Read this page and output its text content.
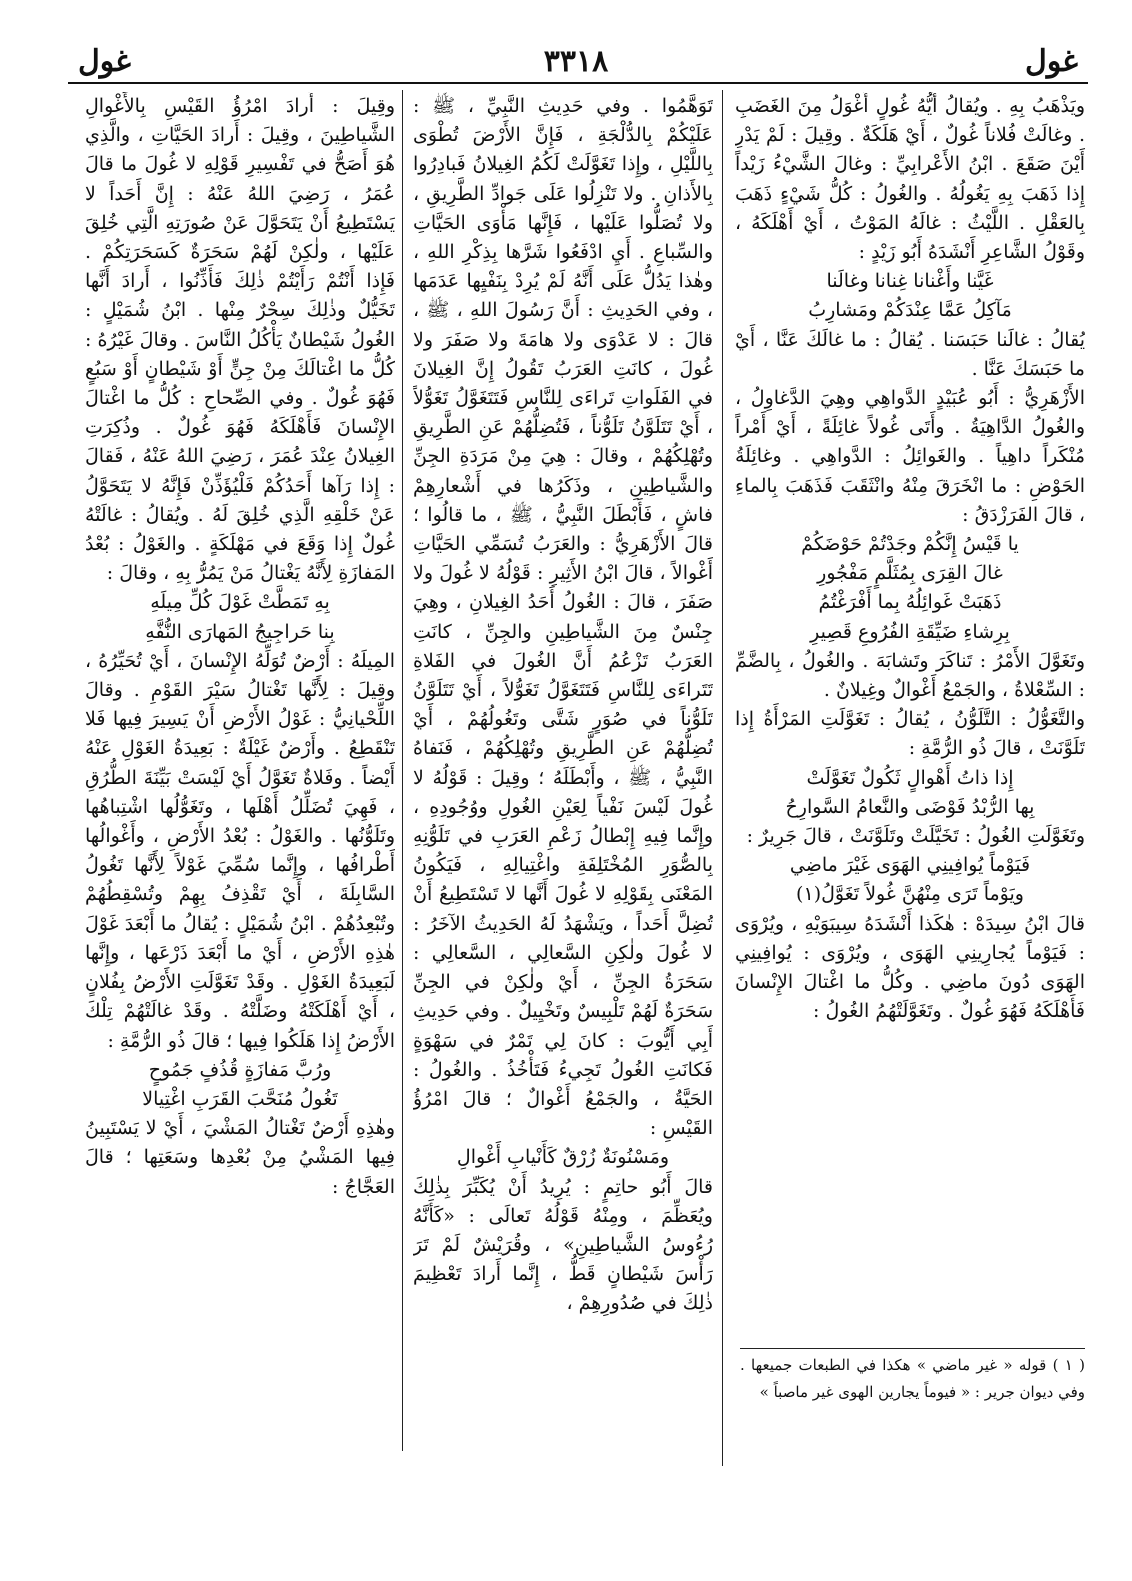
غول	٣٣١٨	غول

ويَذْهَبُ بِهِ . ويُقالُ أَيُّهُ غُولٍ أَغْوَلُ مِنَ الغَضَبِ . وغالَتْ فُلاناً غُولٌ ، أَيْ هَلَكَةٌ . وقِيلَ : لَمْ يَدْرِ أَيْنَ صَقَعَ . ابْنُ الأَعْرابِيِّ : وغالَ الشَّيْءُ زَيْداً إِذا ذَهَبَ بِهِ يَغُولُهُ . والغُولُ : كُلُّ شَيْءٍ ذَهَبَ بِالعَقْلِ . اللَّيْثُ : غالَهُ المَوْتُ ، أَيْ أَهْلَكَهُ ، وقَوْلُ الشَّاعِرِ أَنْشَدَهُ أَبُو زَيْدٍ :

غَيَّنا وأَغْنانا غِنانا وغالَنا

مَآكِلُ عَمَّا عِنْدَكُمْ ومَشارِبُ

يُقالُ : غالَنا حَبَسَنا . يُقالُ : ما غالَكَ عَنَّا ، أَيْ ما حَبَسَكَ عَنَّا .

الأَزْهَرِيُّ : أَبُو عُبَيْدٍ الدَّواهِي وهِيَ الدَّغاوِلُ ، والغُولُ الدَّاهِيَةُ . وأَتَى غُولاً غائِلَةً ، أَيْ أَمْراً مُنْكَراً داهِياً . والغَوائِلُ : الدَّواهِي . وغائِلَةُ الحَوْضِ : ما انْخَرَقَ مِنْهُ وانْثَقَبَ فَذَهَبَ بِالماءِ ، قالَ الفَرَزْدَقُ :

يا قَيْسُ إِنَّكُمْ وجَدْتُمْ حَوْضَكُمْ

غالَ القِرَى بِمُثَلَّمٍ مَفْجُورِ

ذَهَبَتْ غَوائِلُهُ بِما أَفْرَغْتُمُ

بِرِشاءِ ضَيِّقَةِ الفُرُوعِ قَصِيرِ

وتَغَوَّلَ الأَمْرُ : تَناكَرَ وتَشابَهَ . والغُولُ ، بِالضَّمِّ : السِّعْلاةُ ، والجَمْعُ أَغْوالٌ وغِيلانٌ .

والتَّغَوُّلُ : التَّلَوُّنُ ، يُقالُ : تَغَوَّلَتِ المَرْأَةُ إِذا تَلَوَّنَتْ ، قالَ ذُو الرُّمَّةِ :

إِذا ذاتُ أَهْوالٍ ثَكُولٌ تَغَوَّلَتْ

بِها الرُّبْدُ فَوْضَى والنَّعامُ السَّوارِحُ

وتَغَوَّلَتِ الغُولُ : تَخَيَّلَتْ وتَلَوَّنَتْ ، قالَ جَرِيرٌ :

فَيَوْماً يُوافِينِي الهَوَى غَيْرَ ماضِي

ويَوْماً تَرَى مِنْهُنَّ غُولاً تَغَوَّلُ(١)

قالَ ابْنُ سِيدَهْ : هٰكَذا أَنْشَدَهُ سِيبَوَيْهِ ، ويُرْوَى : فَيَوْماً يُجارِينِي الهَوَى ، ويُرْوَى : يُوافِينِي الهَوَى دُونَ ماضِي . وكُلُّ ما اغْتالَ الإِنْسانَ فَأَهْلَكَهُ فَهُوَ غُولٌ . وتَغَوَّلَتْهُمُ الغُولُ :

تَوَهَّمُوا . وفي حَدِيثِ النَّبِيِّ ، ﷺ : عَلَيْكُمْ بِالدُّلْجَةِ ، فَإِنَّ الأَرْضَ تُطْوَى بِاللَّيْلِ ، وإِذا تَغَوَّلَتْ لَكُمُ الغِيلانُ فَبادِرُوا بِالأَذانِ . ولا تَنْزِلُوا عَلَى جَوادِّ الطَّرِيقِ ، ولا تُصَلُّوا عَلَيْها ، فَإِنَّها مَأْوَى الحَيَّاتِ والسِّباعِ . أَيِ ادْفَعُوا شَرَّها بِذِكْرِ اللهِ ، وهٰذا يَدُلُّ عَلَى أَنَّهُ لَمْ يُرِدْ بِنَفْيِها عَدَمَها ، وفي الحَدِيثِ : أَنَّ رَسُولَ اللهِ ، ﷺ ، قالَ : لا عَدْوَى ولا هامَةَ ولا صَفَرَ ولا غُولَ ، كانَتِ العَرَبُ تَقُولُ إِنَّ الغِيلانَ في الفَلَواتِ تَراءَى لِلنَّاسِ فَتَتَغَوَّلُ تَغَوُّلاً ، أَيْ تَتَلَوَّنُ تَلَوُّناً ، فَتُضِلُّهُمْ عَنِ الطَّرِيقِ وتُهْلِكُهُمْ ، وقالَ : هِيَ مِنْ مَرَدَةِ الجِنِّ والشَّياطِينِ ، وذَكَرُها في أَشْعارِهِمْ فاشٍ ، فَأَبْطَلَ النَّبِيُّ ، ﷺ ، ما قالُوا ؛ قالَ الأَزْهَرِيُّ : والعَرَبُ تُسَمِّي الحَيَّاتِ أَغْوالاً ، قالَ ابْنُ الأَثِيرِ : قَوْلُهُ لا غُولَ ولا صَفَرَ ، قالَ : الغُولُ أَحَدُ الغِيلانِ ، وهِيَ جِنْسٌ مِنَ الشَّياطِينِ والجِنِّ ، كانَتِ العَرَبُ تَزْعُمُ أَنَّ الغُولَ في الفَلاةِ تَتَراءَى لِلنَّاسِ فَتَتَغَوَّلُ تَغَوُّلاً ، أَيْ تَتَلَوَّنُ تَلَوُّناً في صُوَرٍ شَتَّى وتَغُولُهُمْ ، أَيْ تُضِلُّهُمْ عَنِ الطَّرِيقِ وتُهْلِكُهُمْ ، فَنَفاهُ النَّبِيُّ ، ﷺ ، وأَبْطَلَهُ ؛ وقِيلَ : قَوْلُهُ لا غُولَ لَيْسَ نَفْياً لِعَيْنِ الغُولِ ووُجُودِهِ ، وإِنَّما فِيهِ إِبْطالُ زَعْمِ العَرَبِ في تَلَوُّنِهِ بِالصُّوَرِ المُخْتَلِفَةِ واغْتِيالِهِ ، فَيَكُونُ المَعْنَى بِقَوْلِهِ لا غُولَ أَنَّها لا تَسْتَطِيعُ أَنْ تُضِلَّ أَحَداً ، ويَشْهَدُ لَهُ الحَدِيثُ الآخَرُ : لا غُولَ ولٰكِنِ السَّعالِي ، السَّعالِي : سَحَرَةُ الجِنِّ ، أَيْ ولٰكِنْ في الجِنِّ سَحَرَةٌ لَهُمْ تَلْبِيسٌ وتَخْيِيلٌ . وفي حَدِيثِ أَبِي أَيُّوبَ : كانَ لِي تَمْرٌ في سَهْوَةٍ فَكانَتِ الغُولُ تَجِيءُ فَتَأْخُذُ . والغُولُ : الحَيَّةُ ، والجَمْعُ أَغْوالٌ ؛ قالَ امْرُؤُ القَيْسِ :

ومَسْنُونَةٌ زُرْقٌ كَأَنْيابِ أَغْوالِ

قالَ أَبُو حاتِمٍ : يُرِيدُ أَنْ يُكَبِّرَ بِذٰلِكَ ويُعَظِّمَ ، ومِنْهُ قَوْلُهُ تَعالَى : «كَأَنَّهُ رُءُوسُ الشَّياطِينِ» ، وقُرَيْشٌ لَمْ تَرَ رَأْسَ شَيْطانٍ قَطُّ ، إِنَّما أَرادَ تَعْظِيمَ ذٰلِكَ في صُدُورِهِمْ ،

وقِيلَ : أَرادَ امْرُؤُ القَيْسِ بِالأَغْوالِ الشَّياطِينَ ، وقِيلَ : أَرادَ الحَيَّاتِ ، والَّذِي هُوَ أَصَحُّ في تَفْسِيرِ قَوْلِهِ لا غُولَ ما قالَ عُمَرُ ، رَضِيَ اللهُ عَنْهُ : إِنَّ أَحَداً لا يَسْتَطِيعُ أَنْ يَتَحَوَّلَ عَنْ صُورَتِهِ الَّتِي خُلِقَ عَلَيْها ، ولٰكِنْ لَهُمْ سَحَرَةٌ كَسَحَرَتِكُمْ . فَإِذا أَنْتُمْ رَأَيْتُمْ ذٰلِكَ فَأَذِّنُوا ، أَرادَ أَنَّها تَخَيُّلٌ وذٰلِكَ سِحْرٌ مِنْها . ابْنُ شُمَيْلٍ : الغُولُ شَيْطانٌ يَأْكُلُ النَّاسَ . وقالَ غَيْرُهُ : كُلُّ ما اغْتالَكَ مِنْ جِنٍّ أَوْ شَيْطانٍ أَوْ سَبُعٍ فَهُوَ غُولٌ . وفي الصِّحاحِ : كُلُّ ما اغْتالَ الإِنْسانَ فَأَهْلَكَهُ فَهُوَ غُولٌ . وذُكِرَتِ الغِيلانُ عِنْدَ عُمَرَ ، رَضِيَ اللهُ عَنْهُ ، فَقالَ : إِذا رَآها أَحَدُكُمْ فَلْيُؤَذِّنْ فَإِنَّهُ لا يَتَحَوَّلُ عَنْ خَلْقِهِ الَّذِي خُلِقَ لَهُ . ويُقالُ : غالَتْهُ غُولٌ إِذا وَقَعَ في مَهْلَكَةٍ . والغَوْلُ : بُعْدُ المَفازَةِ لِأَنَّهُ يَغْتالُ مَنْ يَمُرُّ بِهِ ، وقالَ :

بِهِ تَمَطَّتْ غَوْلَ كُلِّ مِيلَهِ

بِنا حَراجِيجُ المَهارَى النُّفَّهِ

المِيلَهُ : أَرْضٌ تُوَلِّهُ الإِنْسانَ ، أَيْ تُحَيِّرُهُ ، وقِيلَ : لِأَنَّها تَغْتالُ سَيْرَ القَوْمِ . وقالَ اللِّحْيانِيُّ : غَوْلُ الأَرْضِ أَنْ يَسِيرَ فِيها فَلا تَنْقَطِعُ . وأَرْضٌ غَيْلَةٌ : بَعِيدَةُ الغَوْلِ عَنْهُ أَيْضاً . وفَلاةٌ تَغَوَّلُ أَيْ لَيْسَتْ بَيِّنَةَ الطُّرُقِ ، فَهِيَ تُضَلِّلُ أَهْلَها ، وتَغَوُّلُها اشْتِباهُها وتَلَوُّنُها . والغَوْلُ : بُعْدُ الأَرْضِ ، وأَغْوالُها أَطْرافُها ، وإِنَّما سُمِّيَ غَوْلاً لِأَنَّها تَغُولُ السَّابِلَةَ ، أَيْ تَقْذِفُ بِهِمْ وتُسْقِطُهُمْ وتُبْعِدُهُمْ . ابْنُ شُمَيْلٍ : يُقالُ ما أَبْعَدَ غَوْلَ هٰذِهِ الأَرْضِ ، أَيْ ما أَبْعَدَ ذَرْعَها ، وإِنَّها لَبَعِيدَةُ الغَوْلِ . وقَدْ تَغَوَّلَتِ الأَرْضُ بِفُلانٍ ، أَيْ أَهْلَكَتْهُ وضَلَّتْهُ . وقَدْ غالَتْهُمْ تِلْكَ الأَرْضُ إِذا هَلَكُوا فِيها ؛ قالَ ذُو الرُّمَّةِ :

ورُبَّ مَفازَةٍ قُذُفٍ جَمُوحٍ

تَغُولُ مُنَحَّبَ القَرَبِ اغْتِيالا

وهٰذِهِ أَرْضٌ تَغْتالُ المَشْيَ ، أَيْ لا يَسْتَبِينُ فِيها المَشْيُ مِنْ بُعْدِها وسَعَتِها ؛ قالَ العَجَّاجُ :

( ١ ) قوله « غير ماضي » هكذا في الطبعات جميعها . وفي ديوان جرير : « فيوماً يجارين الهوى غير ماصباً »
